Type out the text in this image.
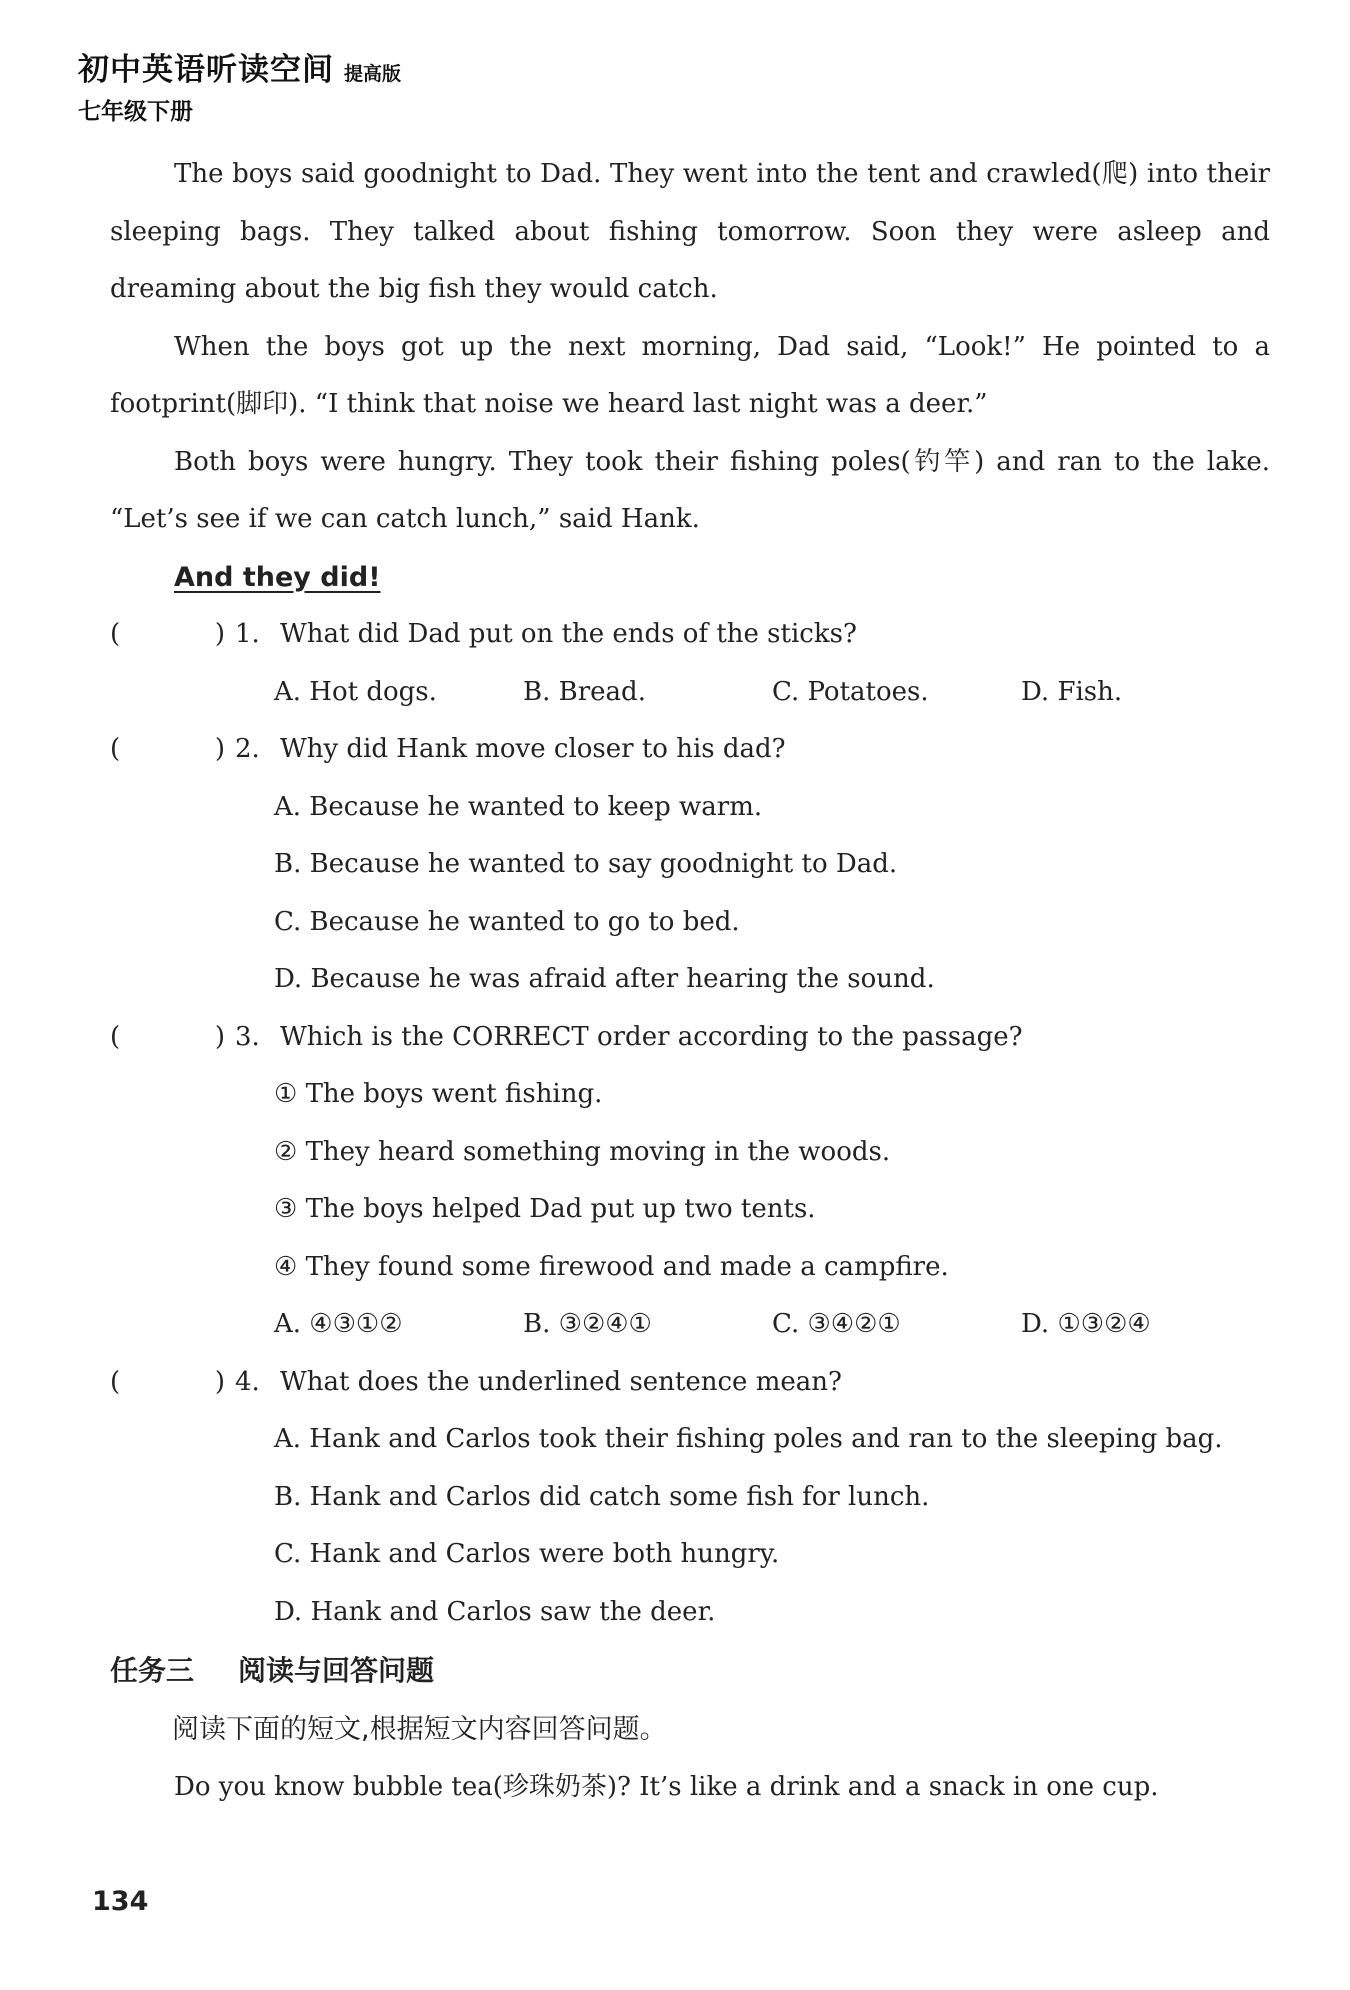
初中英语听读空间 提高版
七年级下册

The boys said goodnight to Dad. They went into the tent and crawled(爬) into their sleeping bags. They talked about fishing tomorrow. Soon they were asleep and dreaming about the big fish they would catch.

When the boys got up the next morning, Dad said, “Look!” He pointed to a footprint(脚印). “I think that noise we heard last night was a deer.”

Both boys were hungry. They took their fishing poles(钓竿) and ran to the lake. “Let’s see if we can catch lunch,” said Hank.

And they did!
(	) 1. What did Dad put on the ends of the sticks?
A. Hot dogs.	B. Bread.	C. Potatoes.	D. Fish.
(	) 2. Why did Hank move closer to his dad?
A. Because he wanted to keep warm.
B. Because he wanted to say goodnight to Dad.
C. Because he wanted to go to bed.
D. Because he was afraid after hearing the sound.
(	) 3. Which is the CORRECT order according to the passage?
① The boys went fishing.
② They heard something moving in the woods.
③ The boys helped Dad put up two tents.
④ They found some firewood and made a campfire.
A. ④③①②	B. ③②④①	C. ③④②①	D. ①③②④
(	) 4. What does the underlined sentence mean?
A. Hank and Carlos took their fishing poles and ran to the sleeping bag.
B. Hank and Carlos did catch some fish for lunch.
C. Hank and Carlos were both hungry.
D. Hank and Carlos saw the deer.
任务三 阅读与回答问题
阅读下面的短文,根据短文内容回答问题。

Do you know bubble tea(珍珠奶茶)? It’s like a drink and a snack in one cup.

134
